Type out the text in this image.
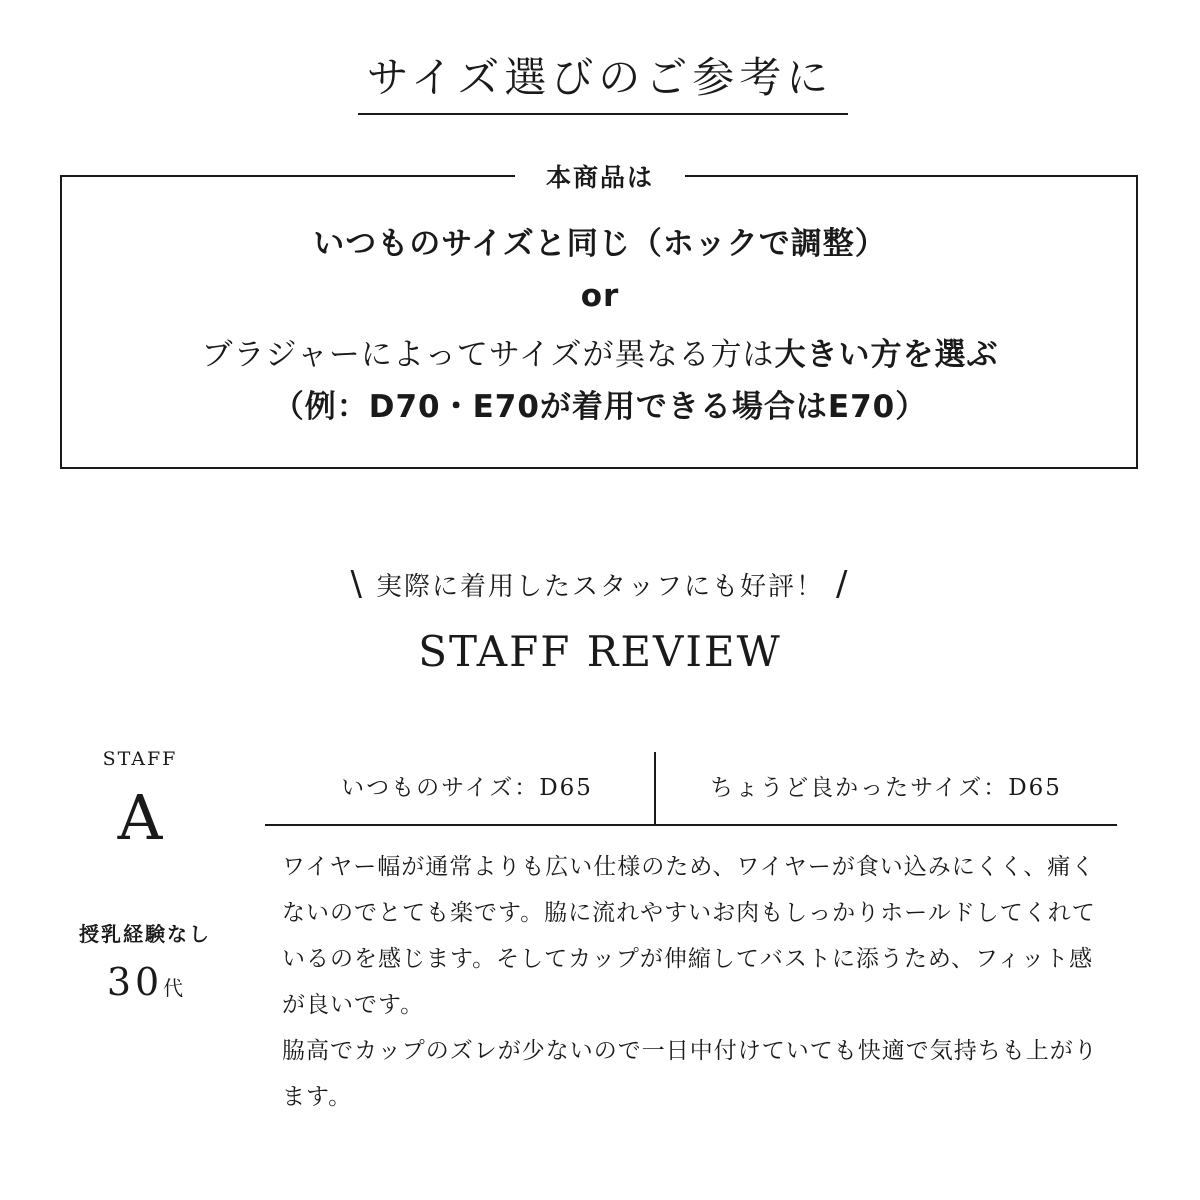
サイズ選びのご参考に
本商品は
いつものサイズと同じ（ホックで調整）
or
ブラジャーによってサイズが異なる方は大きい方を選ぶ
（例：D70・E70が着用できる場合はE70）
\ 実際に着用したスタッフにも好評！ /
STAFF REVIEW
STAFF
A
授乳経験なし
30代
いつものサイズ：D65	ちょうど良かったサイズ：D65

ワイヤー幅が通常よりも広い仕様のため、ワイヤーが食い込みにくく、痛くないのでとても楽です。脇に流れやすいお肉もしっかりホールドしてくれているのを感じます。そしてカップが伸縮してバストに添うため、フィット感が良いです。

脇高でカップのズレが少ないので一日中付けていても快適で気持ちも上がります。
